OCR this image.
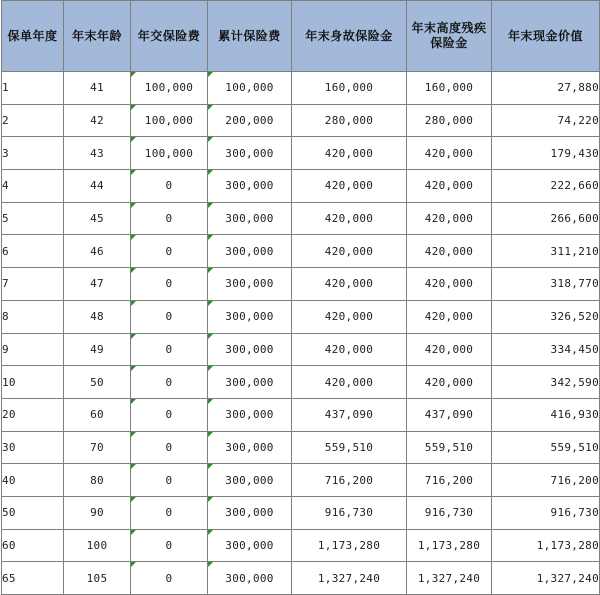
保单年度	年末年龄	年交保险费	累计保险费	年末身故保险金	年末高度残疾保险金	年末现金价值
1	41	100,000	100,000	160,000	160,000	27,880
2	42	100,000	200,000	280,000	280,000	74,220
3	43	100,000	300,000	420,000	420,000	179,430
4	44	0	300,000	420,000	420,000	222,660
5	45	0	300,000	420,000	420,000	266,600
6	46	0	300,000	420,000	420,000	311,210
7	47	0	300,000	420,000	420,000	318,770
8	48	0	300,000	420,000	420,000	326,520
9	49	0	300,000	420,000	420,000	334,450
10	50	0	300,000	420,000	420,000	342,590
20	60	0	300,000	437,090	437,090	416,930
30	70	0	300,000	559,510	559,510	559,510
40	80	0	300,000	716,200	716,200	716,200
50	90	0	300,000	916,730	916,730	916,730
60	100	0	300,000	1,173,280	1,173,280	1,173,280
65	105	0	300,000	1,327,240	1,327,240	1,327,240
